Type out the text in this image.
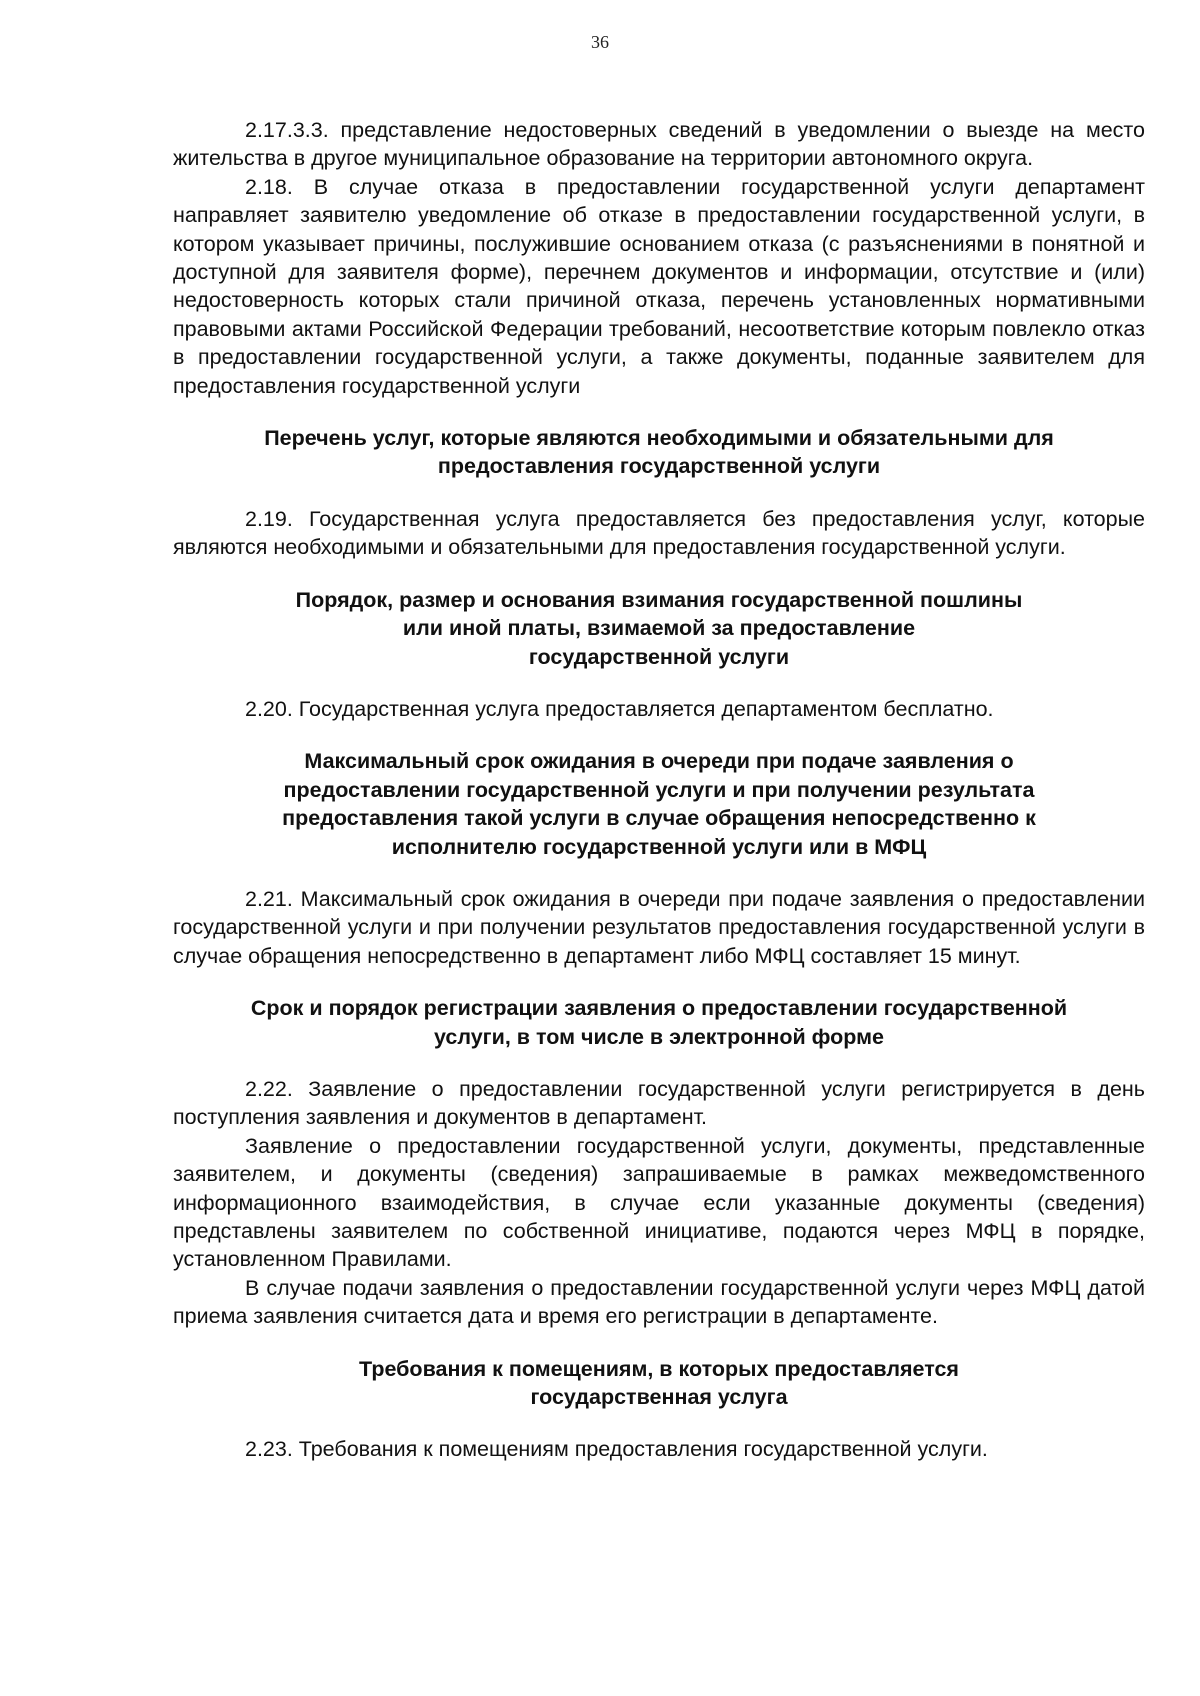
36

2.17.3.3. представление недостоверных сведений в уведомлении о выезде на место жительства в другое муниципальное образование на территории автономного округа.

2.18. В случае отказа в предоставлении государственной услуги департамент направляет заявителю уведомление об отказе в предоставлении государственной услуги, в котором указывает причины, послужившие основанием отказа (с разъяснениями в понятной и доступной для заявителя форме), перечнем документов и информации, отсутствие и (или) недостоверность которых стали причиной отказа, перечень установленных нормативными правовыми актами Российской Федерации требований, несоответствие которым повлекло отказ в предоставлении государственной услуги, а также документы, поданные заявителем для предоставления государственной услуги

Перечень услуг, которые являются необходимыми и обязательными для
предоставления государственной услуги

2.19. Государственная услуга предоставляется без предоставления услуг, которые являются необходимыми и обязательными для предоставления государственной услуги.

Порядок, размер и основания взимания государственной пошлины
или иной платы, взимаемой за предоставление
государственной услуги

2.20. Государственная услуга предоставляется департаментом бесплатно.

Максимальный срок ожидания в очереди при подаче заявления о
предоставлении государственной услуги и при получении результата
предоставления такой услуги в случае обращения непосредственно к
исполнителю государственной услуги или в МФЦ

2.21. Максимальный срок ожидания в очереди при подаче заявления о предоставлении государственной услуги и при получении результатов предоставления государственной услуги в случае обращения непосредственно в департамент либо МФЦ составляет 15 минут.

Срок и порядок регистрации заявления о предоставлении государственной
услуги, в том числе в электронной форме

2.22. Заявление о предоставлении государственной услуги регистрируется в день поступления заявления и документов в департамент.

Заявление о предоставлении государственной услуги, документы, представленные заявителем, и документы (сведения) запрашиваемые в рамках межведомственного информационного взаимодействия, в случае если указанные документы (сведения) представлены заявителем по собственной инициативе, подаются через МФЦ в порядке, установленном Правилами.

В случае подачи заявления о предоставлении государственной услуги через МФЦ датой приема заявления считается дата и время его регистрации в департаменте.

Требования к помещениям, в которых предоставляется
государственная услуга

2.23. Требования к помещениям предоставления государственной услуги.
